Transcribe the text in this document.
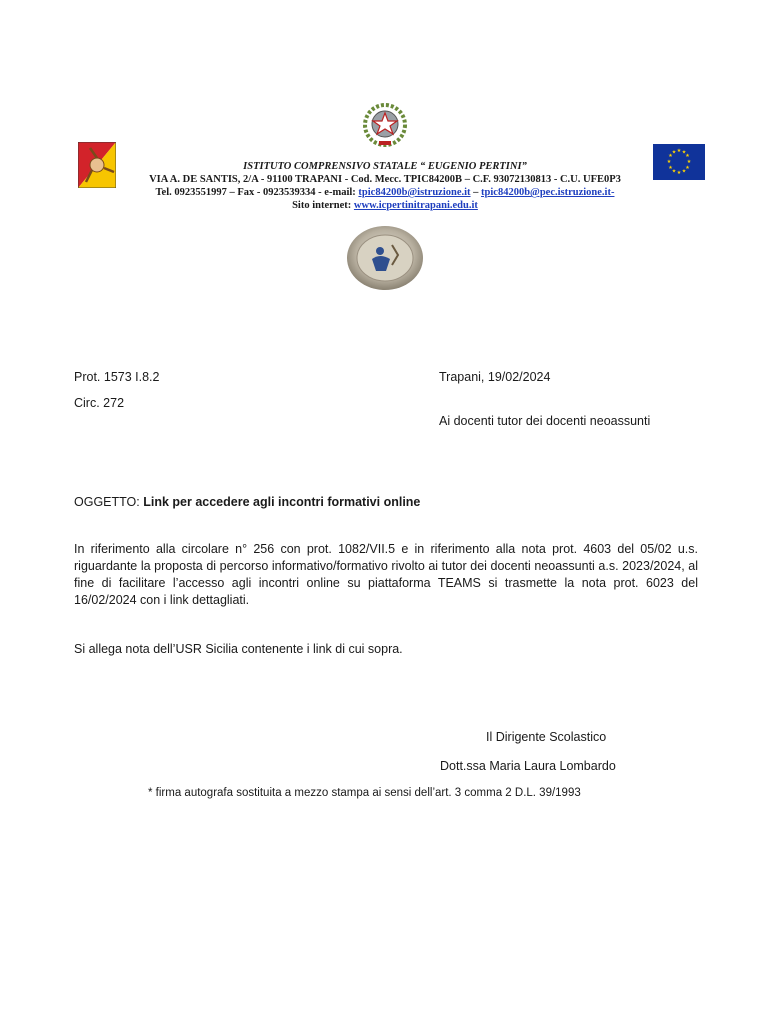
★ ★
★
★
★
★
★
★
★
★
★
★
ISTITUTO COMPRENSIVO STATALE “ EUGENIO PERTINI”
VIA A. DE SANTIS, 2/A - 91100 TRAPANI - Cod. Mecc. TPIC84200B – C.F. 93072130813 - C.U. UFE0P3
Tel. 0923551997 – Fax - 0923539334 - e-mail: tpic84200b@istruzione.it – tpic84200b@pec.istruzione.it-
Sito internet: www.icpertinitrapani.edu.it
Prot. 1573 I.8.2	Trapani, 19/02/2024
Circ. 272
Ai docenti tutor dei docenti neoassunti
OGGETTO: Link per accedere agli incontri formativi online
In riferimento alla circolare n° 256 con prot. 1082/VII.5 e in riferimento alla nota prot. 4603 del 05/02 u.s. riguardante la proposta di percorso informativo/formativo rivolto ai tutor dei docenti neoassunti a.s. 2023/2024, al fine di facilitare l’accesso agli incontri online su piattaforma TEAMS si trasmette la nota prot. 6023 del 16/02/2024 con i link dettagliati.
Si allega nota dell’USR Sicilia contenente i link di cui sopra.
Il Dirigente Scolastico
Dott.ssa Maria Laura Lombardo
* firma autografa sostituita a mezzo stampa ai sensi dell’art. 3 comma 2 D.L. 39/1993
